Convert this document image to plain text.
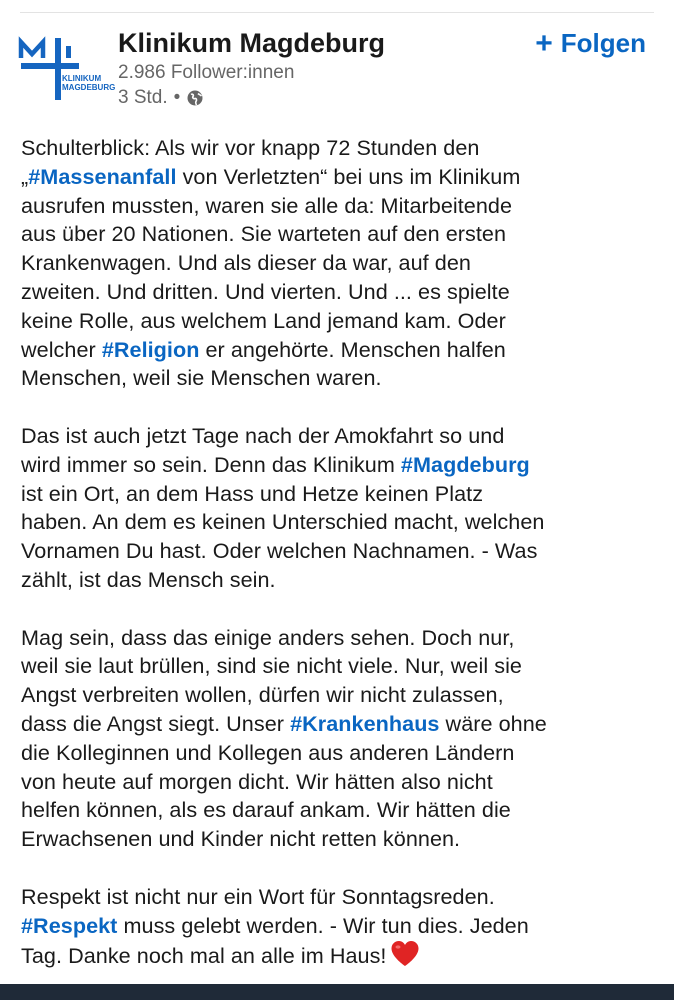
KLINIKUM
MAGDEBURG
Klinikum Magdeburg
2.986 Follower:innen
3 Std. •
+ Folgen

Schulterblick: Als wir vor knapp 72 Stunden den
„#Massenanfall von Verletzten“ bei uns im Klinikum
ausrufen mussten, waren sie alle da: Mitarbeitende
aus über 20 Nationen. Sie warteten auf den ersten
Krankenwagen. Und als dieser da war, auf den
zweiten. Und dritten. Und vierten. Und ... es spielte
keine Rolle, aus welchem Land jemand kam. Oder
welcher #Religion er angehörte. Menschen halfen
Menschen, weil sie Menschen waren.

Das ist auch jetzt Tage nach der Amokfahrt so und
wird immer so sein. Denn das Klinikum #Magdeburg
ist ein Ort, an dem Hass und Hetze keinen Platz
haben. An dem es keinen Unterschied macht, welchen
Vornamen Du hast. Oder welchen Nachnamen. - Was
zählt, ist das Mensch sein.

Mag sein, dass das einige anders sehen. Doch nur,
weil sie laut brüllen, sind sie nicht viele. Nur, weil sie
Angst verbreiten wollen, dürfen wir nicht zulassen,
dass die Angst siegt. Unser #Krankenhaus wäre ohne
die Kolleginnen und Kollegen aus anderen Ländern
von heute auf morgen dicht. Wir hätten also nicht
helfen können, als es darauf ankam. Wir hätten die
Erwachsenen und Kinder nicht retten können.

Respekt ist nicht nur ein Wort für Sonntagsreden.
#Respekt muss gelebt werden. - Wir tun dies. Jeden
Tag. Danke noch mal an alle im Haus!
